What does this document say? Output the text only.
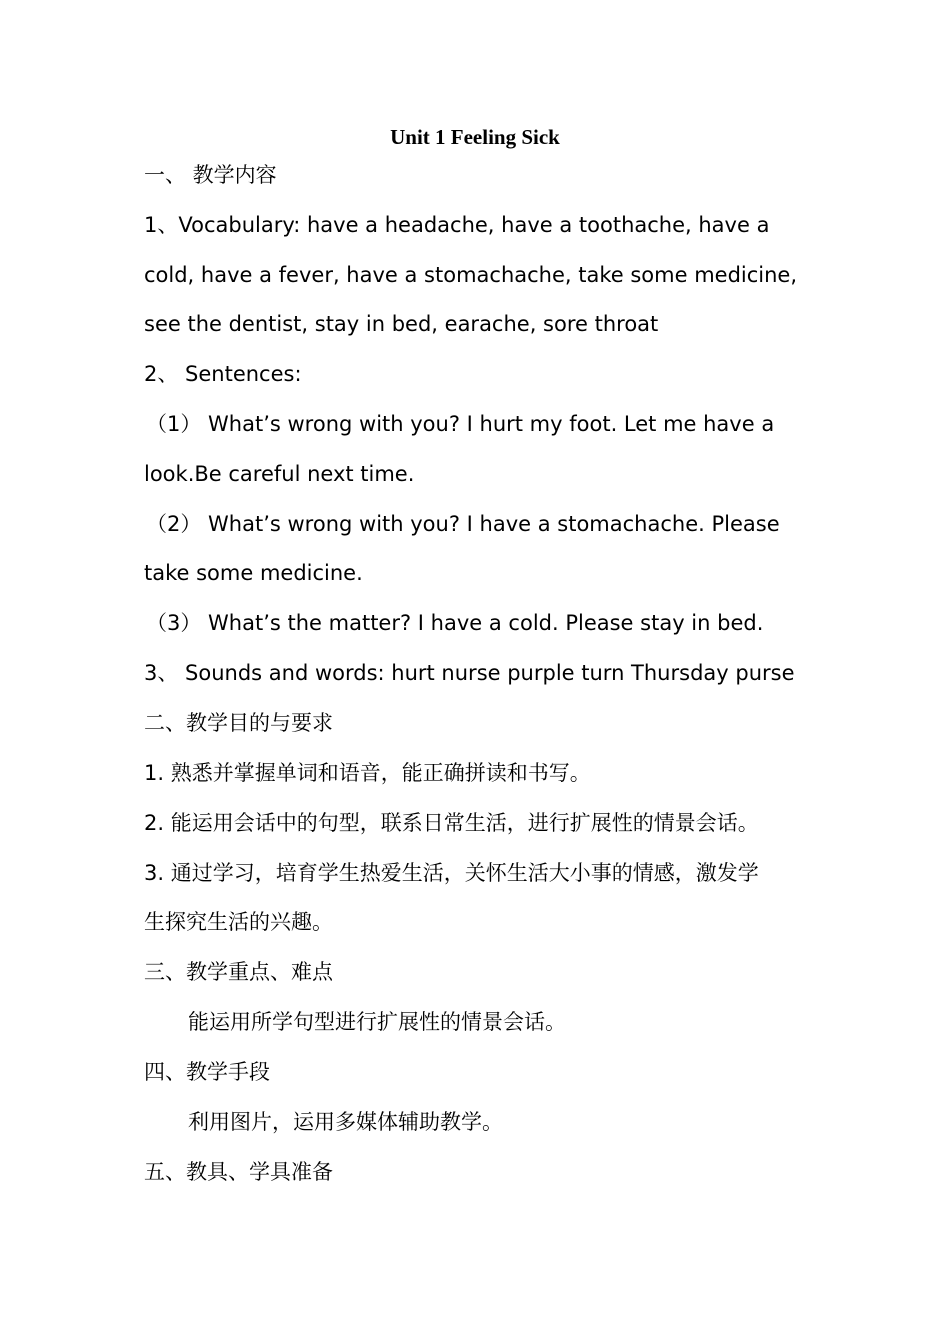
Unit 1 Feeling Sick
一、 教学内容
1、Vocabulary: have a headache, have a toothache, have a
cold, have a fever, have a stomachache, take some medicine,
see the dentist, stay in bed, earache, sore throat
2、 Sentences:
（1） What’s wrong with you? I hurt my foot. Let me have a
look.Be careful next time.
（2） What’s wrong with you? I have a stomachache. Please
take some medicine.
（3） What’s the matter? I have a cold. Please stay in bed.
3、 Sounds and words: hurt nurse purple turn Thursday purse
二、教学目的与要求
1. 熟悉并掌握单词和语音，能正确拼读和书写。
2. 能运用会话中的句型，联系日常生活，进行扩展性的情景会话。
3. 通过学习，培育学生热爱生活，关怀生活大小事的情感，激发学
生探究生活的兴趣。
三、教学重点、难点
能运用所学句型进行扩展性的情景会话。
四、教学手段
利用图片，运用多媒体辅助教学。
五、教具、学具准备
